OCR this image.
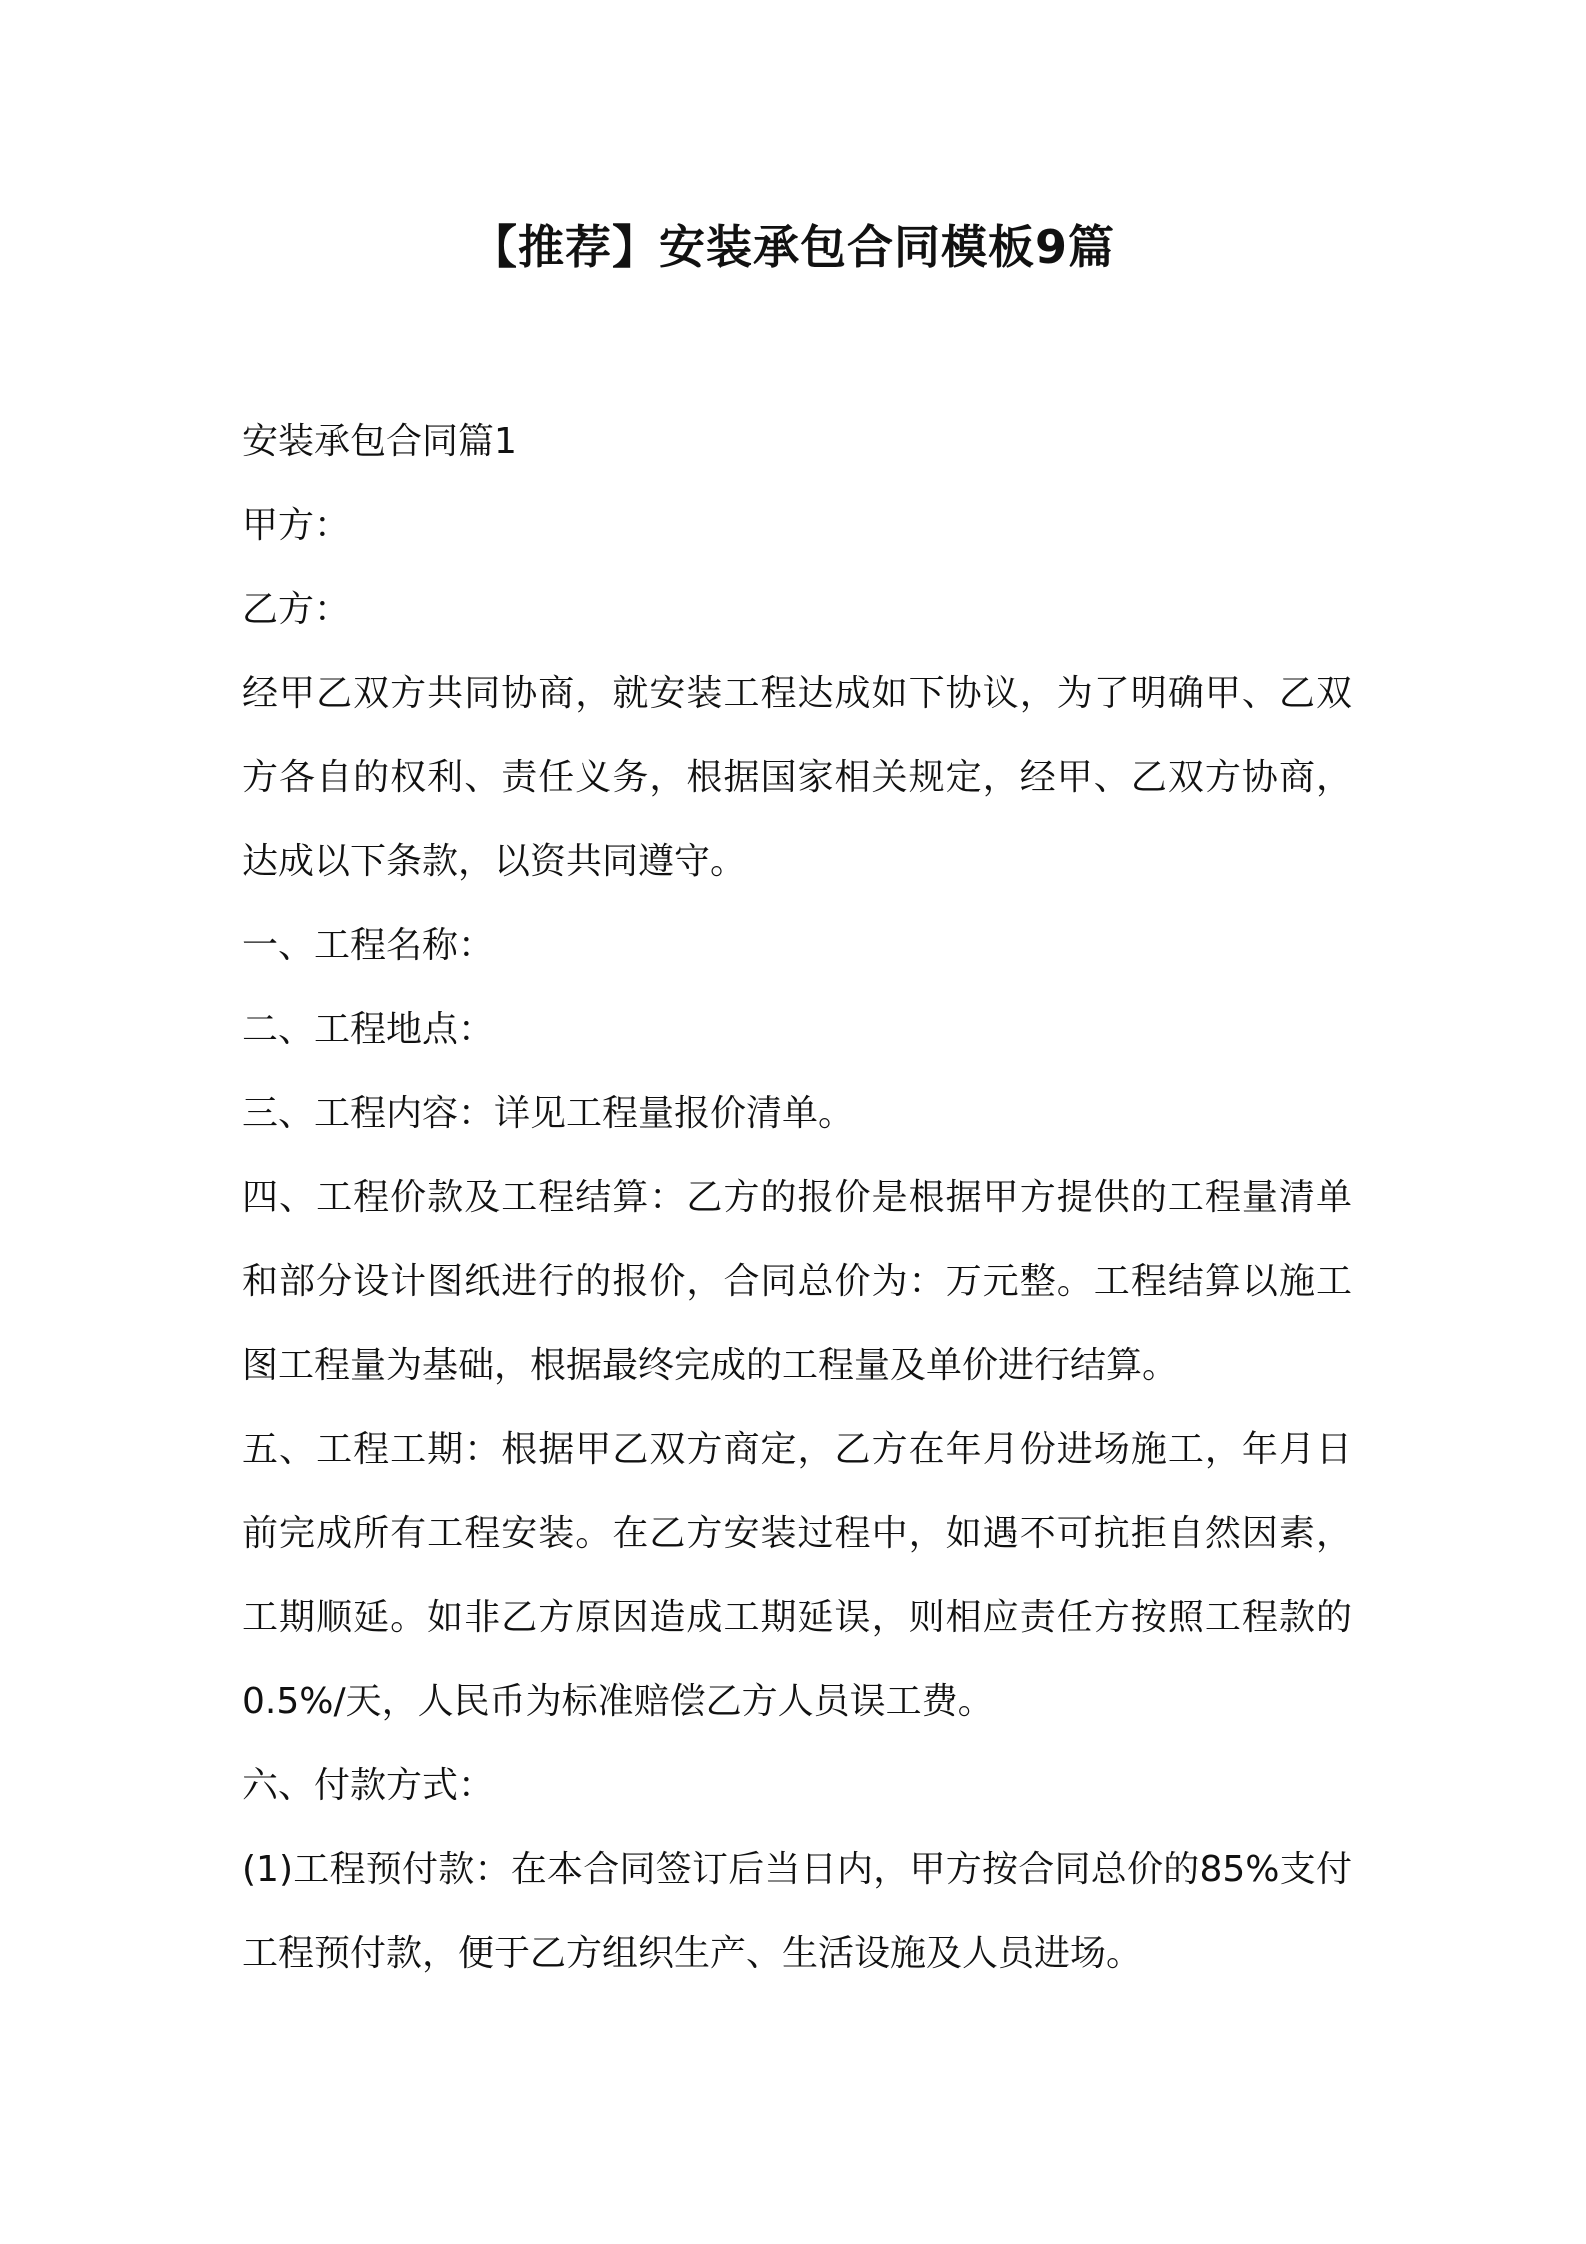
【推荐】安装承包合同模板9篇

安装承包合同篇1

甲方：

乙方：

经甲乙双方共同协商，就安装工程达成如下协议，为了明确甲、乙双方各自的权利、责任义务，根据国家相关规定，经甲、乙双方协商，达成以下条款，以资共同遵守。

一、工程名称：

二、工程地点：

三、工程内容：详见工程量报价清单。

四、工程价款及工程结算：乙方的报价是根据甲方提供的工程量清单和部分设计图纸进行的报价，合同总价为：万元整。工程结算以施工图工程量为基础，根据最终完成的工程量及单价进行结算。

五、工程工期：根据甲乙双方商定，乙方在年月份进场施工，年月日前完成所有工程安装。在乙方安装过程中，如遇不可抗拒自然因素，工期顺延。如非乙方原因造成工期延误，则相应责任方按照工程款的0.5%/天，人民币为标准赔偿乙方人员误工费。

六、付款方式：

(1)工程预付款：在本合同签订后当日内，甲方按合同总价的85%支付工程预付款，便于乙方组织生产、生活设施及人员进场。
